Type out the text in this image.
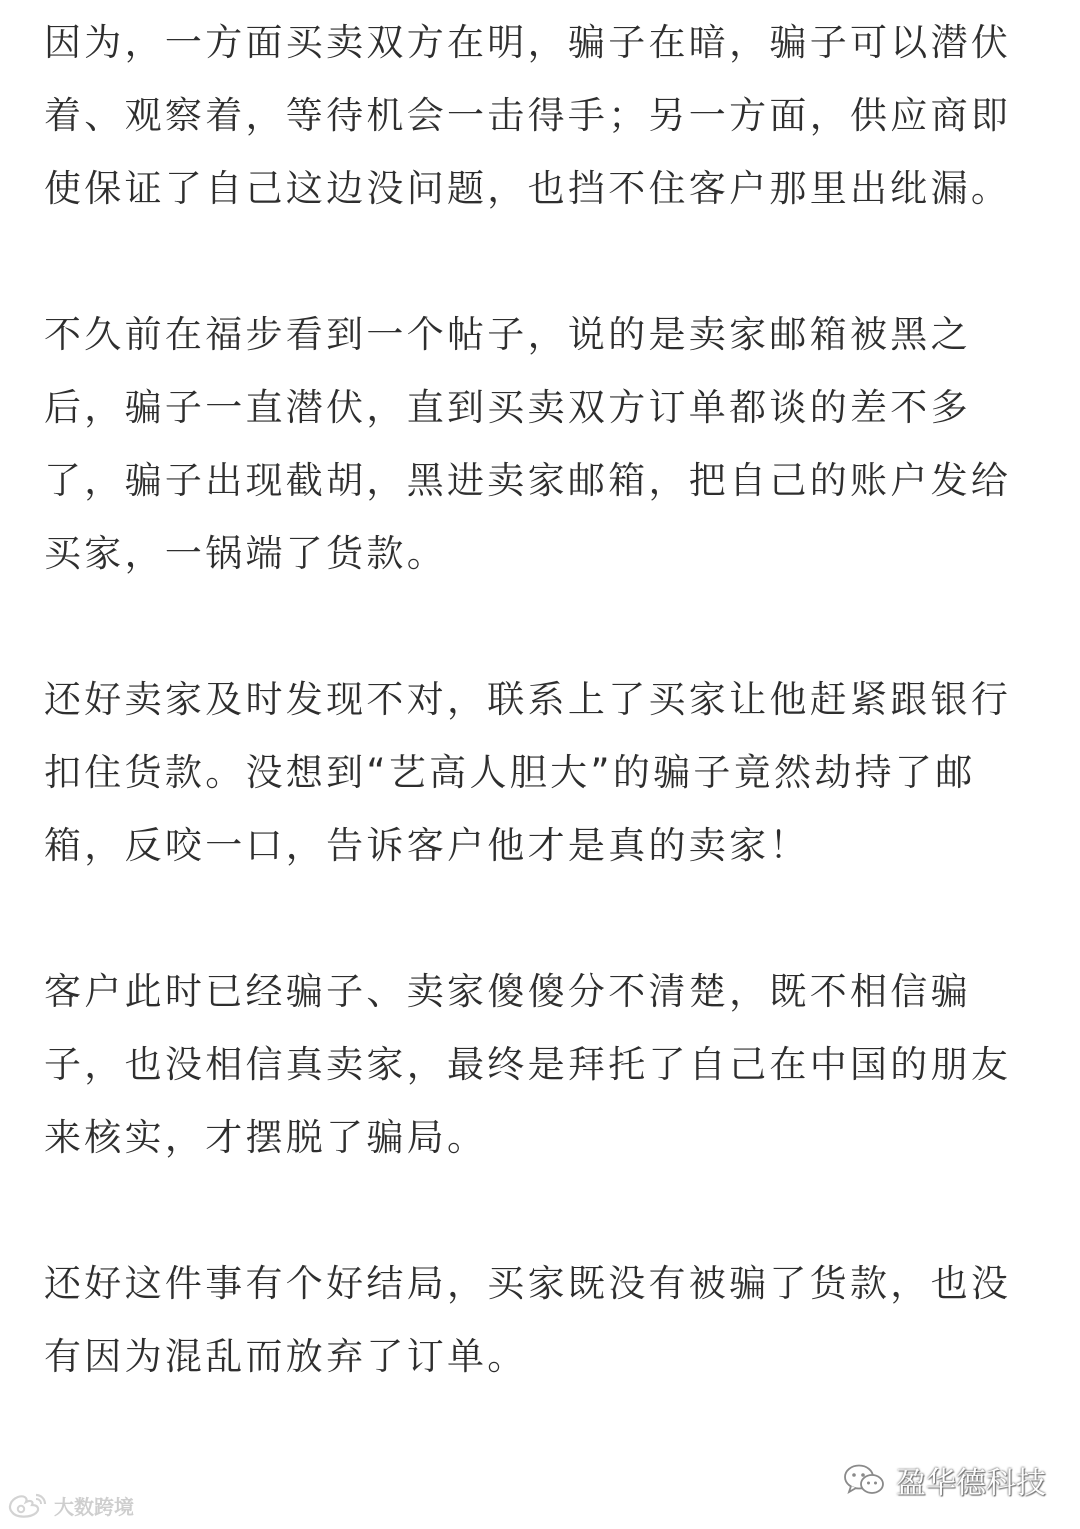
因为，一方面买卖双方在明，骗子在暗，骗子可以潜伏着、观察着，等待机会一击得手；另一方面，供应商即使保证了自己这边没问题，也挡不住客户那里出纰漏。

不久前在福步看到一个帖子，说的是卖家邮箱被黑之后，骗子一直潜伏，直到买卖双方订单都谈的差不多了，骗子出现截胡，黑进卖家邮箱，把自己的账户发给买家，一锅端了货款。

还好卖家及时发现不对，联系上了买家让他赶紧跟银行扣住货款。没想到“艺高人胆大”的骗子竟然劫持了邮箱，反咬一口，告诉客户他才是真的卖家！

客户此时已经骗子、卖家傻傻分不清楚，既不相信骗子，也没相信真卖家，最终是拜托了自己在中国的朋友来核实，才摆脱了骗局。

还好这件事有个好结局，买家既没有被骗了货款，也没有因为混乱而放弃了订单。

大数跨境
盈华德科技
